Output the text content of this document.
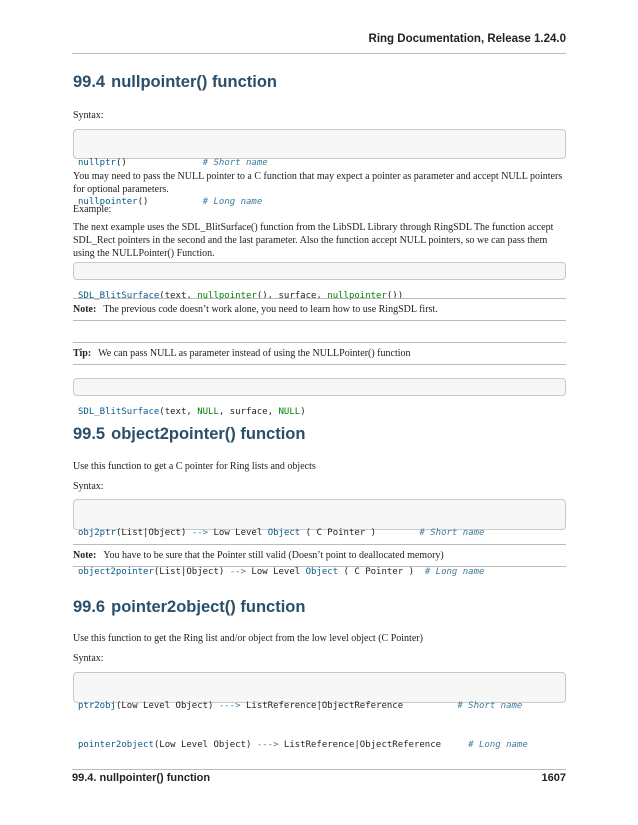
Ring Documentation, Release 1.24.0
99.4 nullpointer() function

Syntax:

nullptr()	# Short name

nullpointer()	# Long name

You may need to pass the NULL pointer to a C function that may expect a pointer as parameter and accept NULL pointers for optional parameters.

Example:

The next example uses the SDL_BlitSurface() function from the LibSDL Library through RingSDL The function accept SDL_Rect pointers in the second and the last parameter. Also the function accept NULL pointers, so we can pass them using the NULLPointer() Function.

SDL_BlitSurface(text, nullpointer(), surface, nullpointer())

Note: The previous code doesn’t work alone, you need to learn how to use RingSDL first.
Tip: We can pass NULL as parameter instead of using the NULLPointer() function

SDL_BlitSurface(text, NULL, surface, NULL)

99.5 object2pointer() function

Use this function to get a C pointer for Ring lists and objects

Syntax:

obj2ptr(List|Object) --> Low Level Object ( C Pointer )        # Short name

object2pointer(List|Object) --> Low Level Object ( C Pointer )  # Long name

Note: You have to be sure that the Pointer still valid (Doesn’t point to deallocated memory)
99.6 pointer2object() function

Use this function to get the Ring list and/or object from the low level object (C Pointer)

Syntax:

ptr2obj(Low Level Object) ---> ListReference|ObjectReference          # Short name

pointer2object(Low Level Object) ---> ListReference|ObjectReference     # Long name

99.4. nullpointer() function	1607
